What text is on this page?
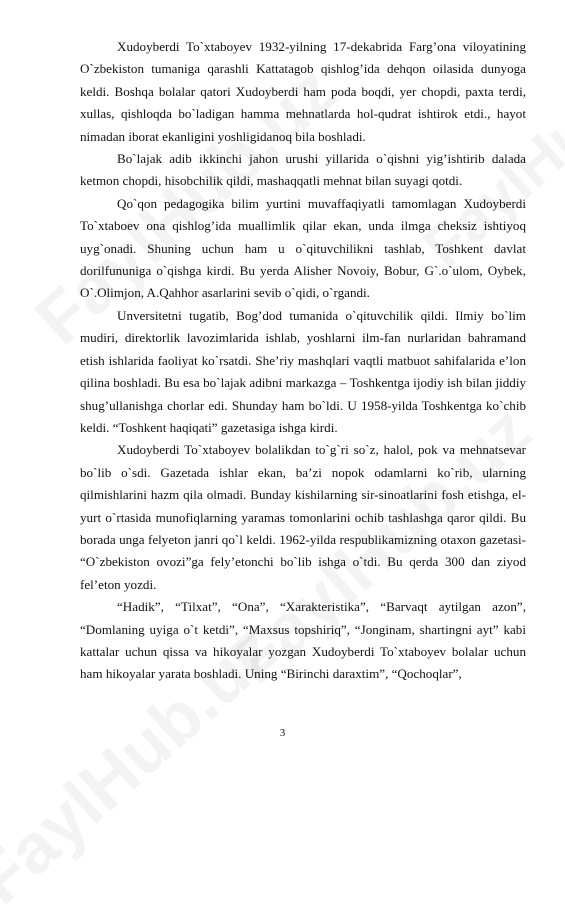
Xudoyberdi To`xtaboyev 1932-yilning 17-dekabrida Farg’ona viloyatining O`zbekiston tumaniga qarashli Kattatagob qishlog’ida dehqon oilasida dunyoga keldi. Boshqa bolalar qatori Xudoyberdi ham poda boqdi, yer chopdi, paxta terdi, xullas, qishloqda bo`ladigan hamma mehnatlarda hol-qudrat ishtirok etdi., hayot nimadan iborat ekanligini yoshligidanoq bila boshladi.

Bo`lajak adib ikkinchi jahon urushi yillarida o`qishni yig’ishtirib dalada ketmon chopdi, hisobchilik qildi, mashaqqatli mehnat bilan suyagi qotdi.

Qo`qon pedagogika bilim yurtini muvaffaqiyatli tamomlagan Xudoyberdi To`xtaboev ona qishlog’ida muallimlik qilar ekan, unda ilmga cheksiz ishtiyoq uyg`onadi. Shuning uchun ham u o`qituvchilikni tashlab, Toshkent davlat dorilfununiga o`qishga kirdi. Bu yerda Alisher Novoiy, Bobur, G`.o`ulom, Oybek, O`.Olimjon, A.Qahhor asarlarini sevib o`qidi, o`rgandi.

Unversitetni tugatib, Bog’dod tumanida o`qituvchilik qildi. Ilmiy bo`lim mudiri, direktorlik lavozimlarida ishlab, yoshlarni ilm-fan nurlaridan bahramand etish ishlarida faoliyat ko`rsatdi. She’riy mashqlari vaqtli matbuot sahifalarida e’lon qilina boshladi. Bu esa bo`lajak adibni markazga – Toshkentga ijodiy ish bilan jiddiy shug’ullanishga chorlar edi. Shunday ham bo`ldi. U 1958-yilda Toshkentga ko`chib keldi. “Toshkent haqiqati” gazetasiga ishga kirdi.

Xudoyberdi To`xtaboyev bolalikdan to`g`ri so`z, halol, pok va mehnatsevar bo`lib o`sdi. Gazetada ishlar ekan, ba’zi nopok odamlarni ko`rib, ularning qilmishlarini hazm qila olmadi. Bunday kishilarning sir-sinoatlarini fosh etishga, el-yurt o`rtasida munofiqlarning yaramas tomonlarini ochib tashlashga qaror qildi. Bu borada unga felyeton janri qo`l keldi. 1962-yilda respublikamizning otaxon gazetasi- “O`zbekiston ovozi”ga fely’etonchi bo`lib ishga o`tdi. Bu qerda 300 dan ziyod fel’eton yozdi.

“Hadik”, “Tilxat”, “Ona”, “Xarakteristika”, “Barvaqt aytilgan azon”, “Domlaning uyiga o`t ketdi”, “Maxsus topshiriq”, “Jonginam, shartingni ayt” kabi kattalar uchun qissa va hikoyalar yozgan Xudoyberdi To`xtaboyev bolalar uchun ham hikoyalar yarata boshladi. Uning “Birinchi daraxtim”, “Qochoqlar”,

3
